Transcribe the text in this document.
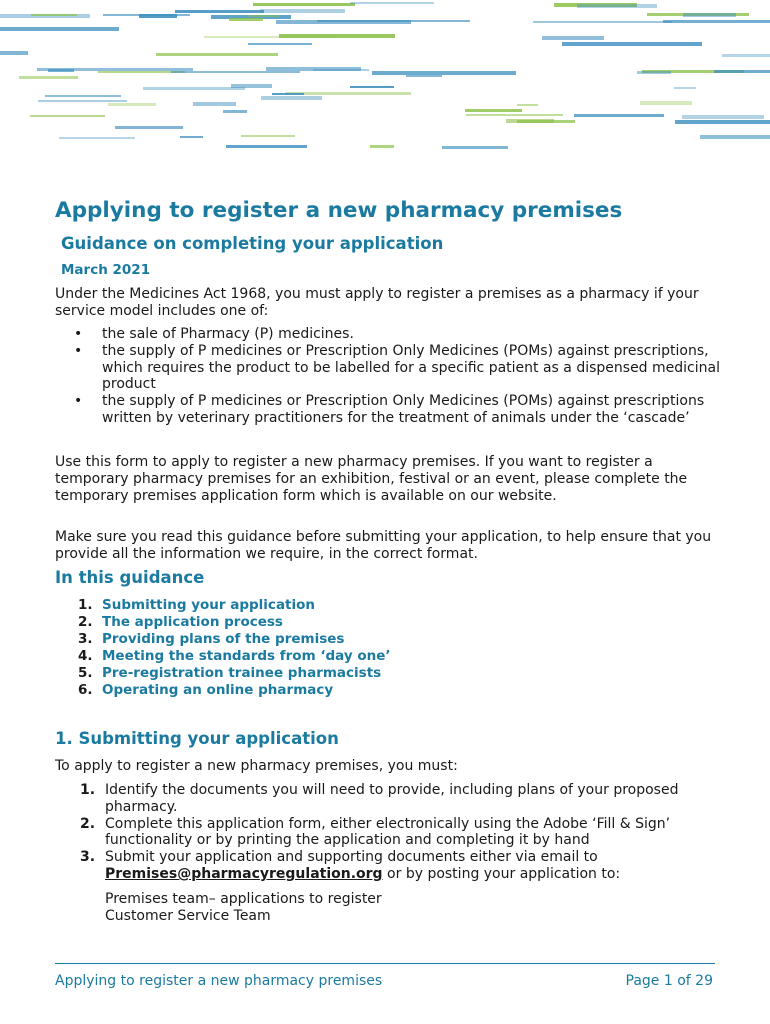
Applying to register a new pharmacy premises
Guidance on completing your application

March 2021

Under the Medicines Act 1968, you must apply to register a premises as a pharmacy if your service model includes one of:

• the sale of Pharmacy (P) medicines.
• the supply of P medicines or Prescription Only Medicines (POMs) against prescriptions, which requires the product to be labelled for a specific patient as a dispensed medicinal product
• the supply of P medicines or Prescription Only Medicines (POMs) against prescriptions written by veterinary practitioners for the treatment of animals under the ‘cascade’

Use this form to apply to register a new pharmacy premises. If you want to register a temporary pharmacy premises for an exhibition, festival or an event, please complete the temporary premises application form which is available on our website.

Make sure you read this guidance before submitting your application, to help ensure that you provide all the information we require, in the correct format.

In this guidance
1. Submitting your application
2. The application process
3. Providing plans of the premises
4. Meeting the standards from ‘day one’
5. Pre-registration trainee pharmacists
6. Operating an online pharmacy
1. Submitting your application

To apply to register a new pharmacy premises, you must:

1. Identify the documents you will need to provide, including plans of your proposed pharmacy.
2. Complete this application form, either electronically using the Adobe ‘Fill & Sign’ functionality or by printing the application and completing it by hand
3. Submit your application and supporting documents either via email to Premises@pharmacyregulation.org or by posting your application to:
Premises team– applications to register
Customer Service Team

Applying to register a new pharmacy premises	Page 1 of 29
